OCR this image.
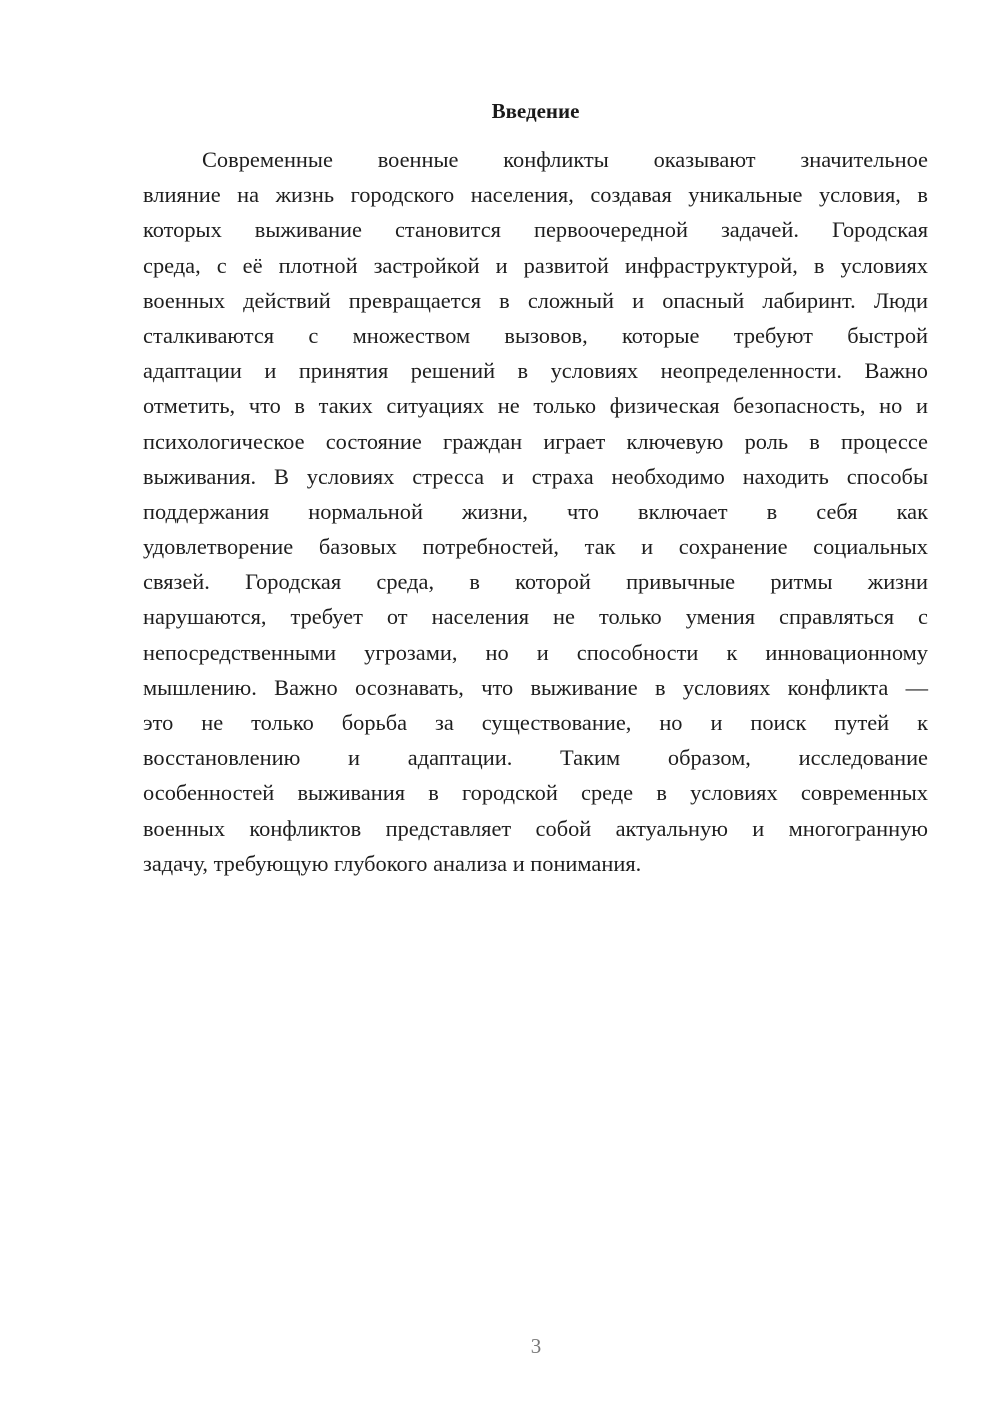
Введение
Современные военные конфликты оказывают значительное
влияние на жизнь городского населения, создавая уникальные условия, в
которых выживание становится первоочередной задачей. Городская
среда, с её плотной застройкой и развитой инфраструктурой, в условиях
военных действий превращается в сложный и опасный лабиринт. Люди
сталкиваются с множеством вызовов, которые требуют быстрой
адаптации и принятия решений в условиях неопределенности. Важно
отметить, что в таких ситуациях не только физическая безопасность, но и
психологическое состояние граждан играет ключевую роль в процессе
выживания. В условиях стресса и страха необходимо находить способы
поддержания нормальной жизни, что включает в себя как
удовлетворение базовых потребностей, так и сохранение социальных
связей. Городская среда, в которой привычные ритмы жизни
нарушаются, требует от населения не только умения справляться с
непосредственными угрозами, но и способности к инновационному
мышлению. Важно осознавать, что выживание в условиях конфликта —
это не только борьба за существование, но и поиск путей к
восстановлению и адаптации. Таким образом, исследование
особенностей выживания в городской среде в условиях современных
военных конфликтов представляет собой актуальную и многогранную
задачу, требующую глубокого анализа и понимания.
3
